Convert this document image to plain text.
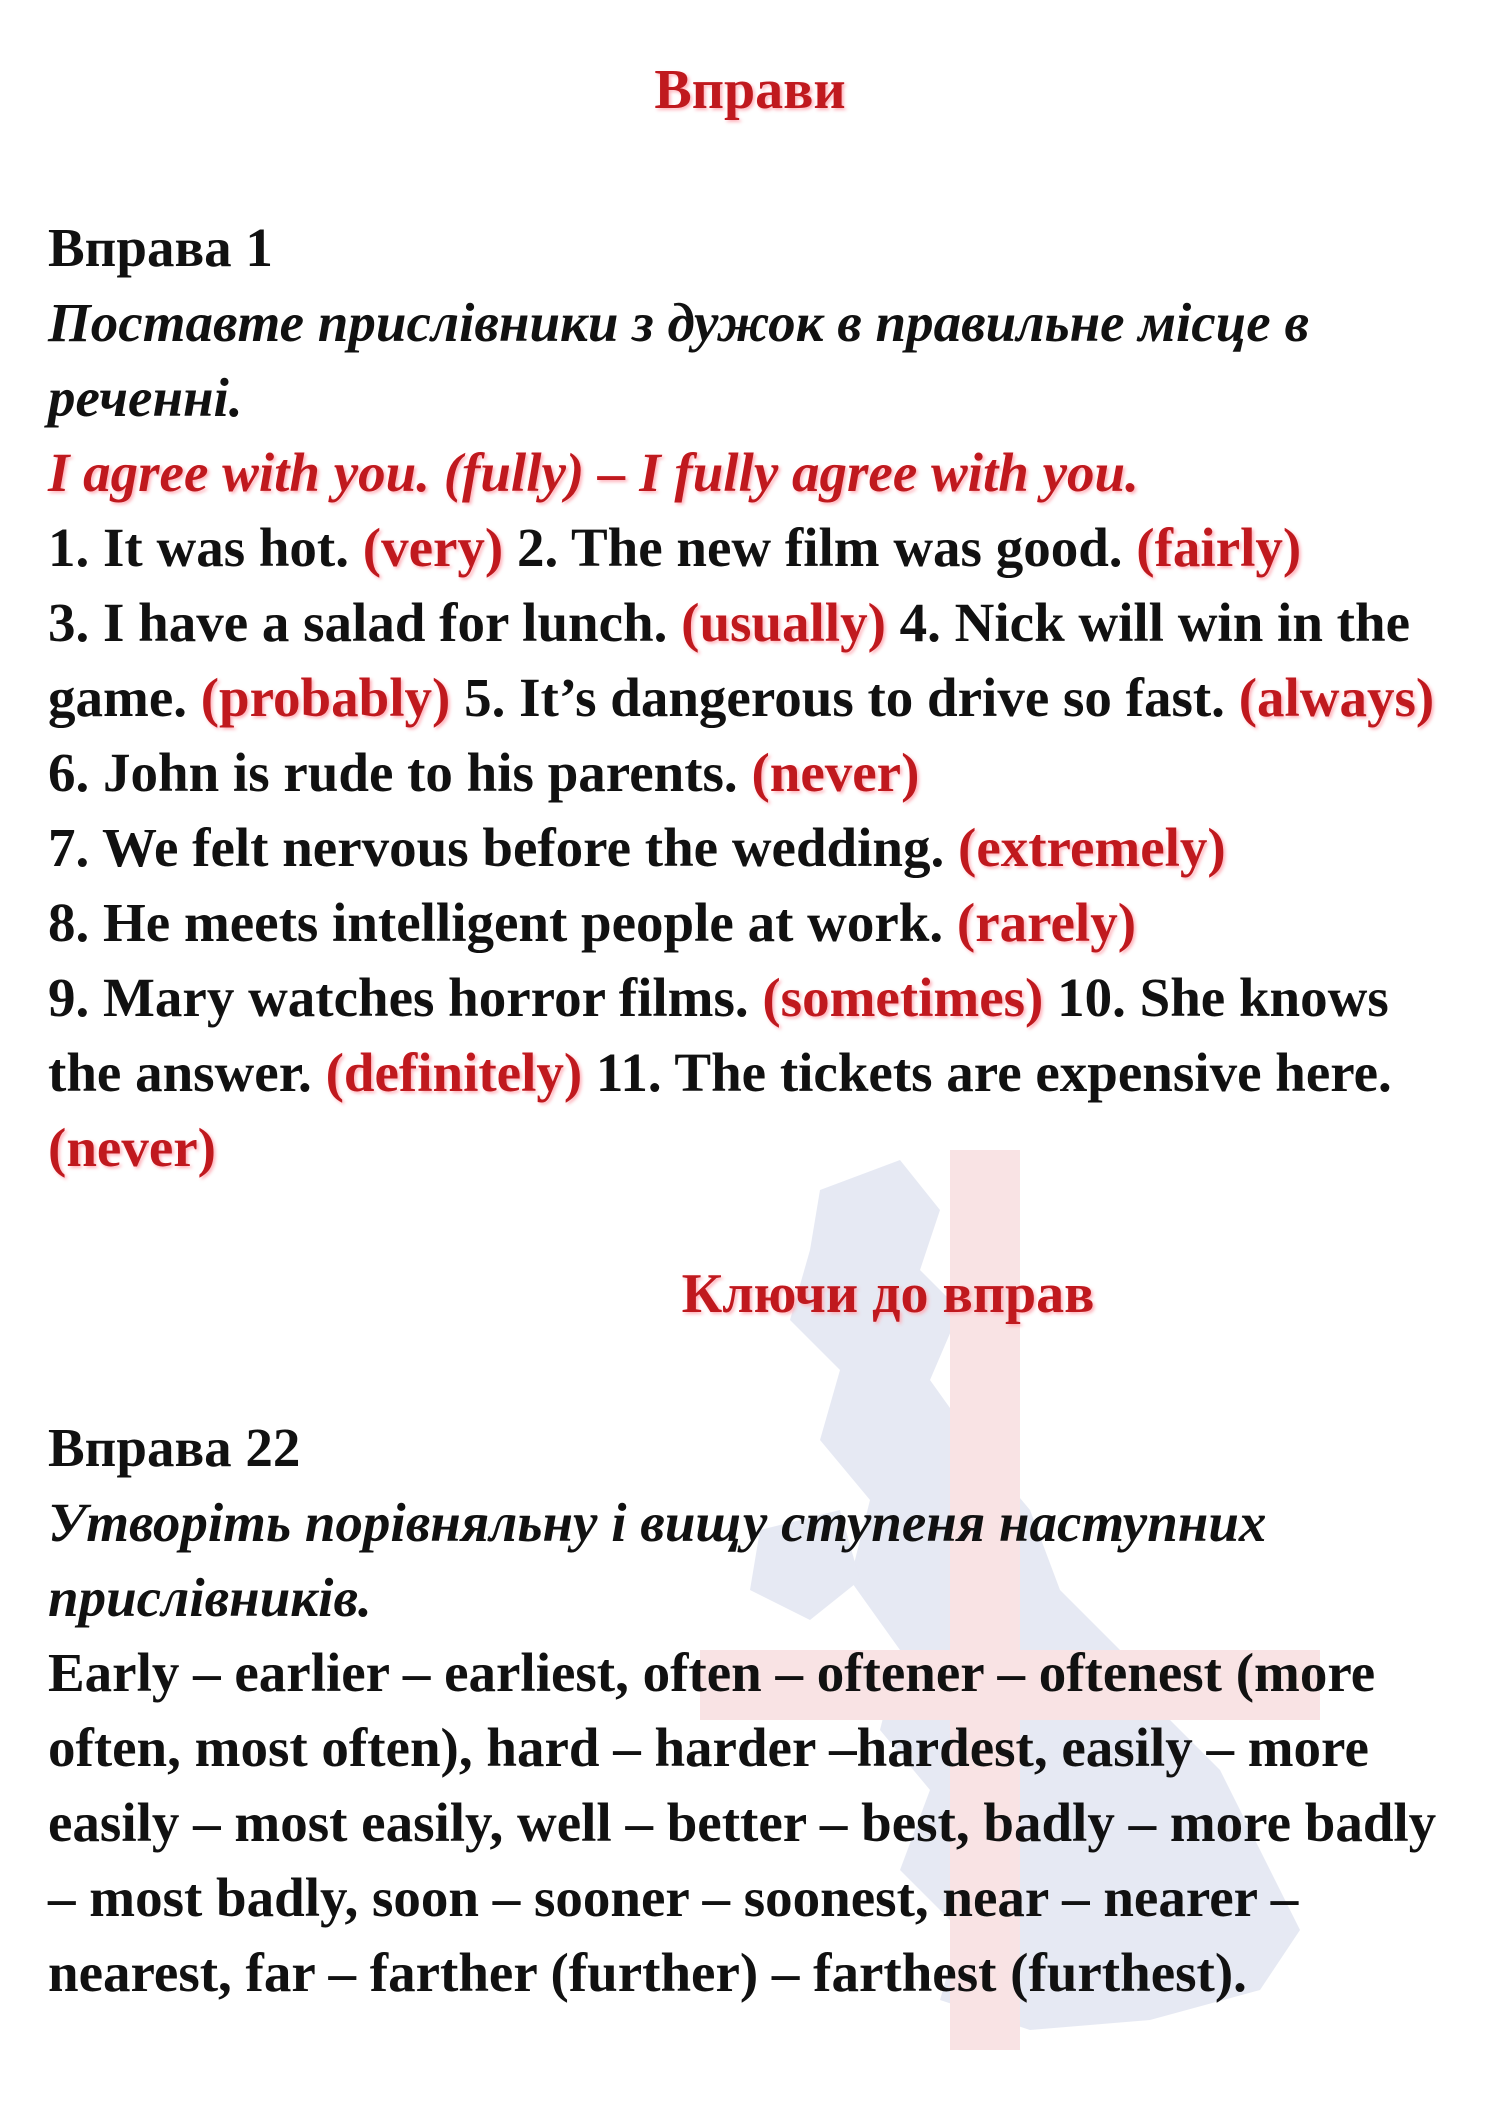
Вправи
Вправа 1
Поставте прислівники з дужок в правильне місце в реченні.
I agree with you. (fully) – I fully agree with you.
1. It was hot. (very) 2. The new film was good. (fairly)
3. I have a salad for lunch. (usually) 4. Nick will win in the game. (probably) 5. It’s dangerous to drive so fast. (always) 6. John is rude to his parents. (never)
7. We felt nervous before the wedding. (extremely)
8. He meets intelligent people at work. (rarely)
9. Mary watches horror films. (sometimes) 10. She knows the answer. (definitely) 11. The tickets are expensive here. (never)
Ключи до вправ
Вправа 22
Утворіть порівняльну і вищу ступеня наступних прислівників.
Early – earlier – earliest, often – oftener – oftenest (more often, most often), hard – harder –hardest, easily – more easily – most easily, well – better – best, badly – more badly – most badly, soon – sooner – soonest, near – nearer – nearest, far – farther (further) – farthest (furthest).
